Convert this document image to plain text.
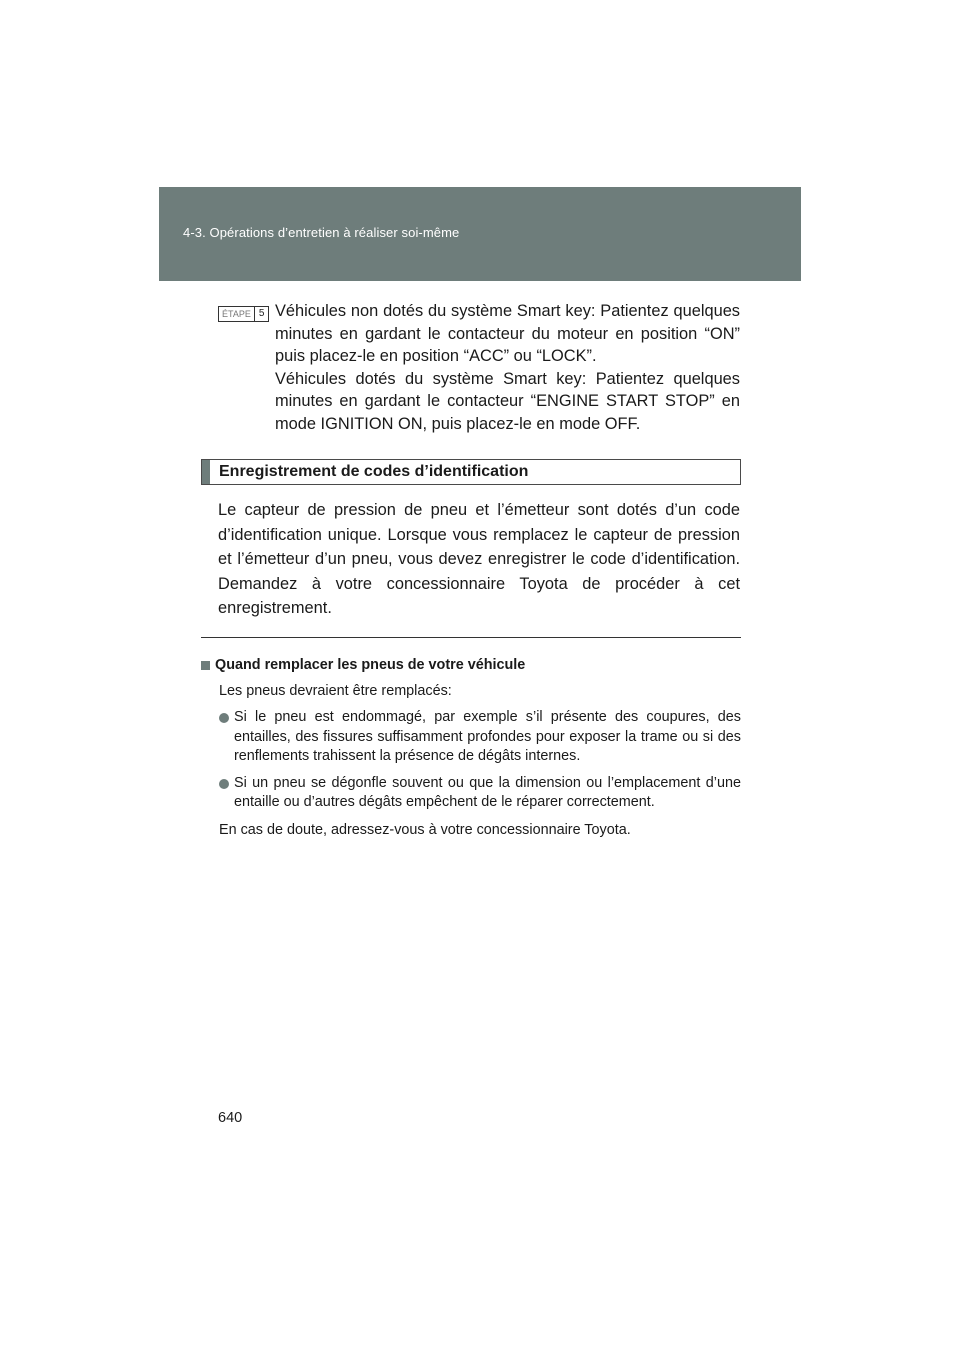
4-3. Opérations d’entretien à réaliser soi-même
ÉTAPE 5 Véhicules non dotés du système Smart key: Patientez quelques minutes en gardant le contacteur du moteur en position “ON” puis placez-le en position “ACC” ou “LOCK”.

Véhicules dotés du système Smart key: Patientez quelques minutes en gardant le contacteur “ENGINE START STOP” en mode IGNITION ON, puis placez-le en mode OFF.

Enregistrement de codes d’identification

Le capteur de pression de pneu et l’émetteur sont dotés d’un code d’identification unique. Lorsque vous remplacez le capteur de pression et l’émetteur d’un pneu, vous devez enregistrer le code d’identification. Demandez à votre concessionnaire Toyota de procéder à cet enregistrement.

Quand remplacer les pneus de votre véhicule

Les pneus devraient être remplacés:

Si le pneu est endommagé, par exemple s’il présente des coupures, des entailles, des fissures suffisamment profondes pour exposer la trame ou si des renflements trahissent la présence de dégâts internes.
Si un pneu se dégonfle souvent ou que la dimension ou l’emplacement d’une entaille ou d’autres dégâts empêchent de le réparer correctement.

En cas de doute, adressez-vous à votre concessionnaire Toyota.

640
